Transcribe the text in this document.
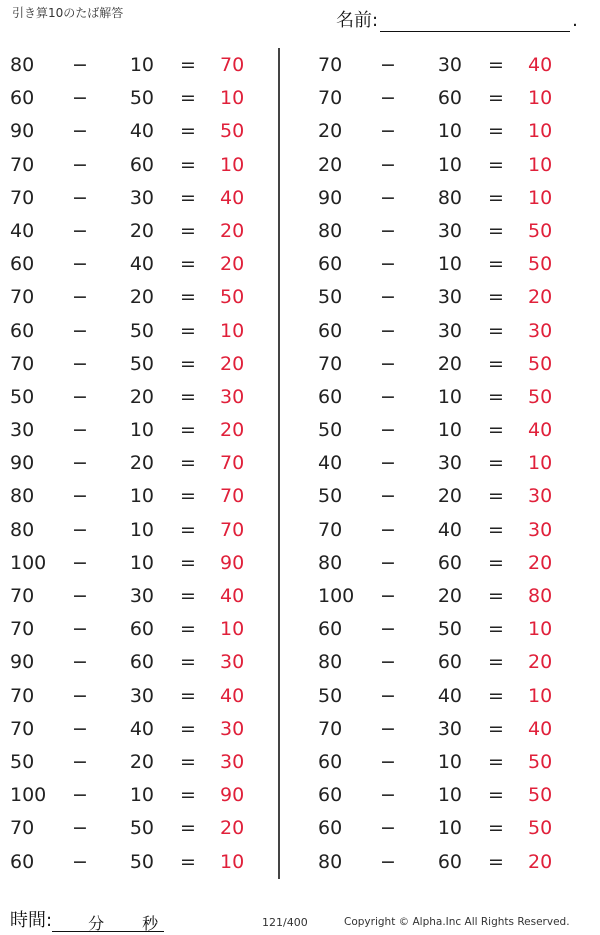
引き算10のたば解答	名前:	.
80	−	10 = 70
60	−	50 = 10
90	−	40 = 50
70	−	60 = 10
70	−	30 = 40
40	−	20 = 20
60	−	40 = 20
70	−	20 = 50
60	−	50 = 10
70	−	50 = 20
50	−	20 = 30
30	−	10 = 20
90	−	20 = 70
80	−	10 = 70
80	−	10 = 70
100	−	10 = 90
70	−	30 = 40
70	−	60 = 10
90	−	60 = 30
70	−	30 = 40
70	−	40 = 30
50	−	20 = 30
100	−	10 = 90
70	−	50 = 20
60	−	50 = 10
70	−	30 = 40
70	−	60 = 10
20	−	10 = 10
20	−	10 = 10
90	−	80 = 10
80	−	30 = 50
60	−	10 = 50
50	−	30 = 20
60	−	30 = 30
70	−	20 = 50
60	−	10 = 50
50	−	10 = 40
40	−	30 = 10
50	−	20 = 30
70	−	40 = 30
80	−	60 = 20
100	−	20 = 80
60	−	50 = 10
80	−	60 = 20
50	−	40 = 10
70	−	30 = 40
60	−	10 = 50
60	−	10 = 50
60	−	10 = 50
80	−	60 = 20
時間: 分 秒	121/400	Copyright © Alpha.Inc All Rights Reserved.
